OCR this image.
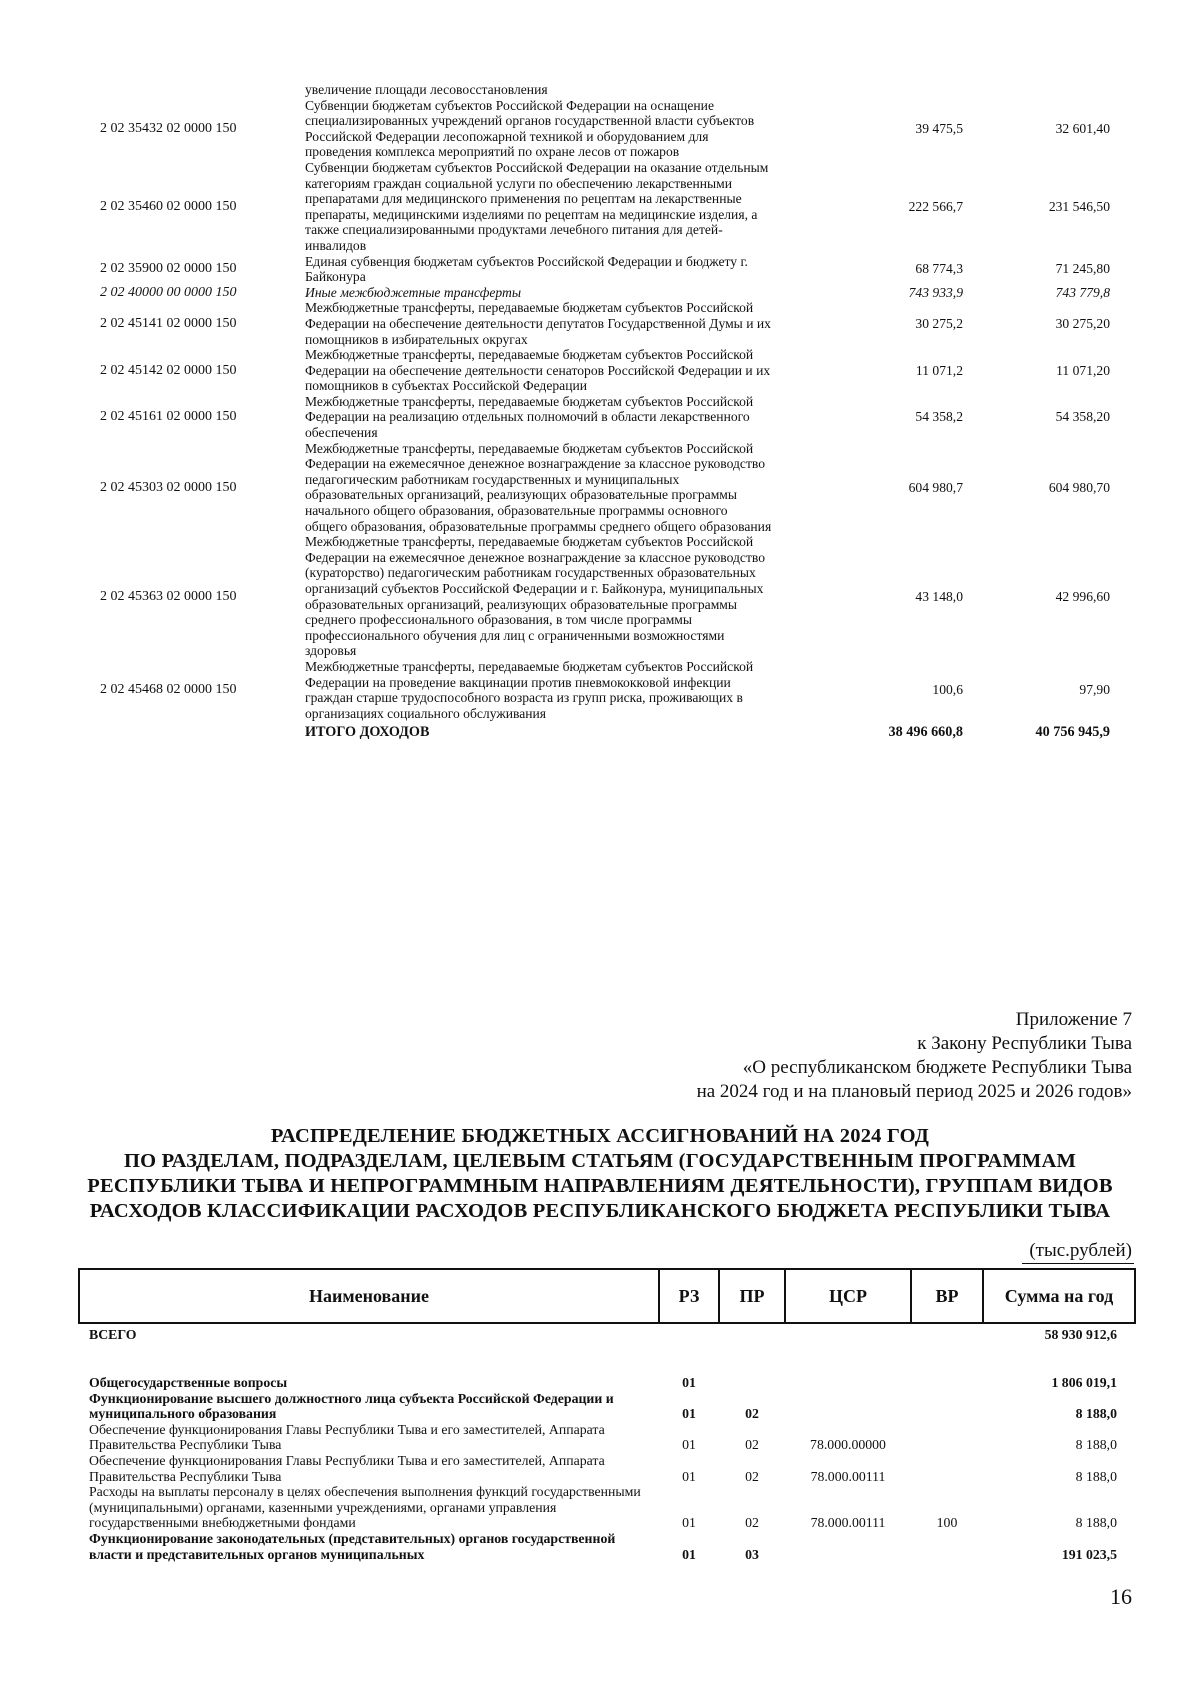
	увеличение площади лесовосстановления		
2 02 35432 02 0000 150	Субвенции бюджетам субъектов Российской Федерации на оснащение специализированных учреждений органов государственной власти субъектов Российской Федерации лесопожарной техникой и оборудованием для проведения комплекса мероприятий по охране лесов от пожаров	39 475,5	32 601,40
2 02 35460 02 0000 150	Субвенции бюджетам субъектов Российской Федерации на оказание отдельным категориям граждан социальной услуги по обеспечению лекарственными препаратами для медицинского применения по рецептам на лекарственные препараты, медицинскими изделиями по рецептам на медицинские изделия, а также специализированными продуктами лечебного питания для детей-инвалидов	222 566,7	231 546,50
2 02 35900 02 0000 150	Единая субвенция бюджетам субъектов Российской Федерации и бюджету г. Байконура	68 774,3	71 245,80
2 02 40000 00 0000 150	Иные межбюджетные трансферты	743 933,9	743 779,8
2 02 45141 02 0000 150	Межбюджетные трансферты, передаваемые бюджетам субъектов Российской Федерации на обеспечение деятельности депутатов Государственной Думы и их помощников в избирательных округах	30 275,2	30 275,20
2 02 45142 02 0000 150	Межбюджетные трансферты, передаваемые бюджетам субъектов Российской Федерации на обеспечение деятельности сенаторов Российской Федерации и их помощников в субъектах Российской Федерации	11 071,2	11 071,20
2 02 45161 02 0000 150	Межбюджетные трансферты, передаваемые бюджетам субъектов Российской Федерации на реализацию отдельных полномочий в области лекарственного обеспечения	54 358,2	54 358,20
2 02 45303 02 0000 150	Межбюджетные трансферты, передаваемые бюджетам субъектов Российской Федерации на ежемесячное денежное вознаграждение за классное руководство педагогическим работникам государственных и муниципальных образовательных организаций, реализующих образовательные программы начального общего образования, образовательные программы основного общего образования, образовательные программы среднего общего образования	604 980,7	604 980,70
2 02 45363 02 0000 150	Межбюджетные трансферты, передаваемые бюджетам субъектов Российской Федерации на ежемесячное денежное вознаграждение за классное руководство (кураторство) педагогическим работникам государственных образовательных организаций субъектов Российской Федерации и г. Байконура, муниципальных образовательных организаций, реализующих образовательные программы среднего профессионального образования, в том числе программы профессионального обучения для лиц с ограниченными возможностями здоровья	43 148,0	42 996,60
2 02 45468 02 0000 150	Межбюджетные трансферты, передаваемые бюджетам субъектов Российской Федерации на проведение вакцинации против пневмококковой инфекции граждан старше трудоспособного возраста из групп риска, проживающих в организациях социального обслуживания	100,6	97,90
	ИТОГО ДОХОДОВ	38 496 660,8	40 756 945,9
Приложение 7
к Закону Республики Тыва
«О республиканском бюджете Республики Тыва
на 2024 год и на плановый период 2025 и 2026 годов»
РАСПРЕДЕЛЕНИЕ БЮДЖЕТНЫХ АССИГНОВАНИЙ НА 2024 ГОД
ПО РАЗДЕЛАМ, ПОДРАЗДЕЛАМ, ЦЕЛЕВЫМ СТАТЬЯМ (ГОСУДАРСТВЕННЫМ ПРОГРАММАМ
РЕСПУБЛИКИ ТЫВА И НЕПРОГРАММНЫМ НАПРАВЛЕНИЯМ ДЕЯТЕЛЬНОСТИ), ГРУППАМ ВИДОВ
РАСХОДОВ КЛАССИФИКАЦИИ РАСХОДОВ РЕСПУБЛИКАНСКОГО БЮДЖЕТА РЕСПУБЛИКИ ТЫВА
(тыс.рублей)
Наименование	РЗ	ПР	ЦСР	ВР	Сумма на год
ВСЕГО					58 930 912,6

Общегосударственные вопросы	01				1 806 019,1
Функционирование высшего должностного лица субъекта Российской Федерации и муниципального образования	01	02			8 188,0
Обеспечение функционирования Главы Республики Тыва и его заместителей, Аппарата Правительства Республики Тыва	01	02	78.000.00000		8 188,0
Обеспечение функционирования Главы Республики Тыва и его заместителей, Аппарата Правительства Республики Тыва	01	02	78.000.00111		8 188,0
Расходы на выплаты персоналу в целях обеспечения выполнения функций государственными (муниципальными) органами, казенными учреждениями, органами управления государственными внебюджетными фондами	01	02	78.000.00111	100	8 188,0
Функционирование законодательных (представительных) органов государственной власти и представительных органов муниципальных	01	03			191 023,5
16
